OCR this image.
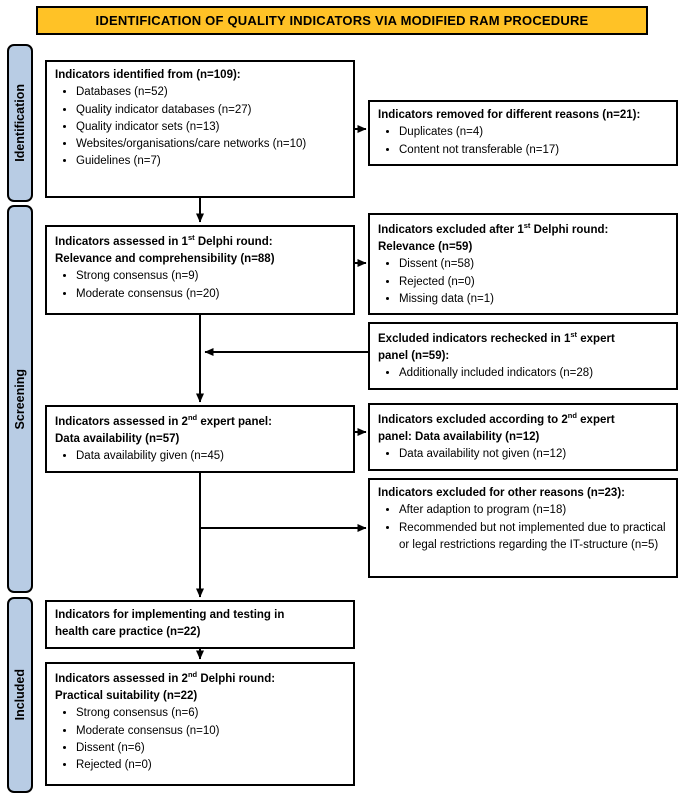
IDENTIFICATION OF QUALITY INDICATORS VIA MODIFIED RAM PROCEDURE
Identification
Screening
Included
Indicators identified from (n=109):
• Databases (n=52)
• Quality indicator databases (n=27)
• Quality indicator sets (n=13)
• Websites/organisations/care networks (n=10)
• Guidelines (n=7)
Indicators assessed in 1st Delphi round:
Relevance and comprehensibility (n=88)
• Strong consensus (n=9)
• Moderate consensus (n=20)
Indicators assessed in 2nd expert panel:
Data availability (n=57)
• Data availability given (n=45)
Indicators for implementing and testing in
health care practice (n=22)
Indicators assessed in 2nd Delphi round:
Practical suitability (n=22)
• Strong consensus (n=6)
• Moderate consensus (n=10)
• Dissent (n=6)
• Rejected (n=0)
Indicators removed for different reasons (n=21):
• Duplicates (n=4)
• Content not transferable (n=17)
Indicators excluded after 1st Delphi round:
Relevance (n=59)
• Dissent (n=58)
• Rejected (n=0)
• Missing data (n=1)
Excluded indicators rechecked in 1st expert
panel (n=59):
• Additionally included indicators (n=28)
Indicators excluded according to 2nd expert
panel: Data availability (n=12)
• Data availability not given (n=12)
Indicators excluded for other reasons (n=23):
• After adaption to program (n=18)
• Recommended but not implemented due to practical or legal restrictions regarding the IT-structure (n=5)
